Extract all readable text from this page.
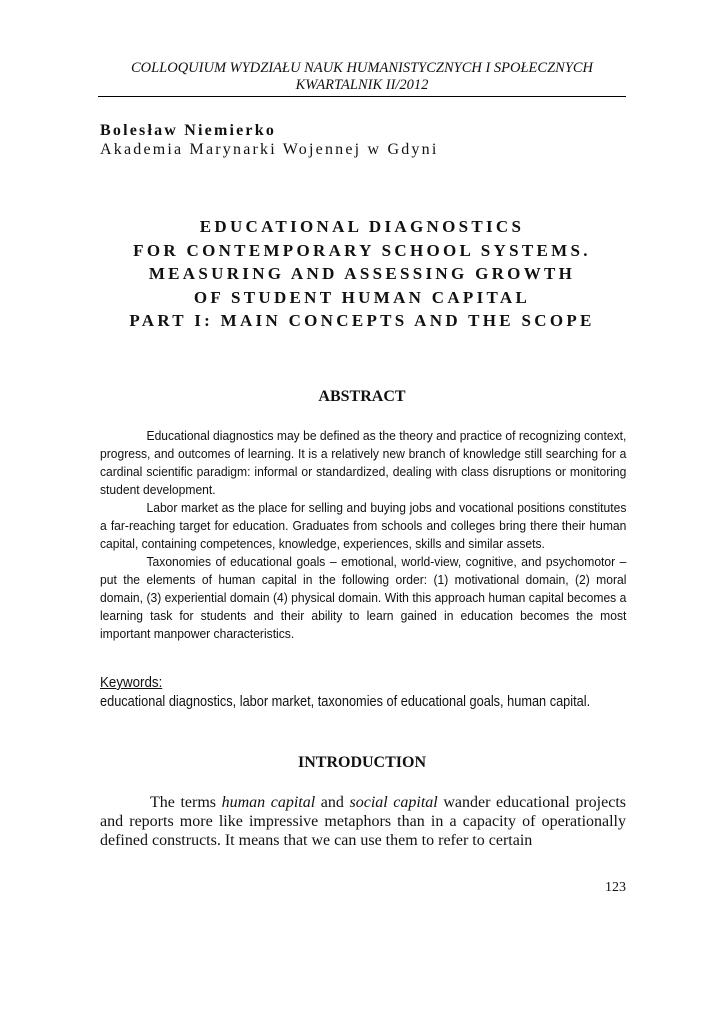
COLLOQUIUM WYDZIAŁU NAUK HUMANISTYCZNYCH I SPOŁECZNYCH
KWARTALNIK II/2012
Bolesław Niemierko
Akademia Marynarki Wojennej w Gdyni
EDUCATIONAL DIAGNOSTICS
FOR CONTEMPORARY SCHOOL SYSTEMS.
MEASURING AND ASSESSING GROWTH
OF STUDENT HUMAN CAPITAL
PART I: MAIN CONCEPTS AND THE SCOPE
ABSTRACT

Educational diagnostics may be defined as the theory and practice of recognizing context, progress, and outcomes of learning. It is a relatively new branch of knowledge still searching for a cardinal scientific paradigm: informal or standardized, dealing with class disruptions or monitoring student development.

Labor market as the place for selling and buying jobs and vocational positions constitutes a far-reaching target for education. Graduates from schools and colleges bring there their human capital, containing competences, knowledge, experiences, skills and similar assets.

Taxonomies of educational goals – emotional, world-view, cognitive, and psychomotor – put the elements of human capital in the following order: (1) motivational domain, (2) moral domain, (3) experiential domain (4) physical domain. With this approach human capital becomes a learning task for students and their ability to learn gained in education becomes the most important manpower characteristics.

Keywords:
educational diagnostics, labor market, taxonomies of educational goals, human capital.
INTRODUCTION

The terms human capital and social capital wander educational projects and reports more like impressive metaphors than in a capacity of operationally defined constructs. It means that we can use them to refer to certain

123
